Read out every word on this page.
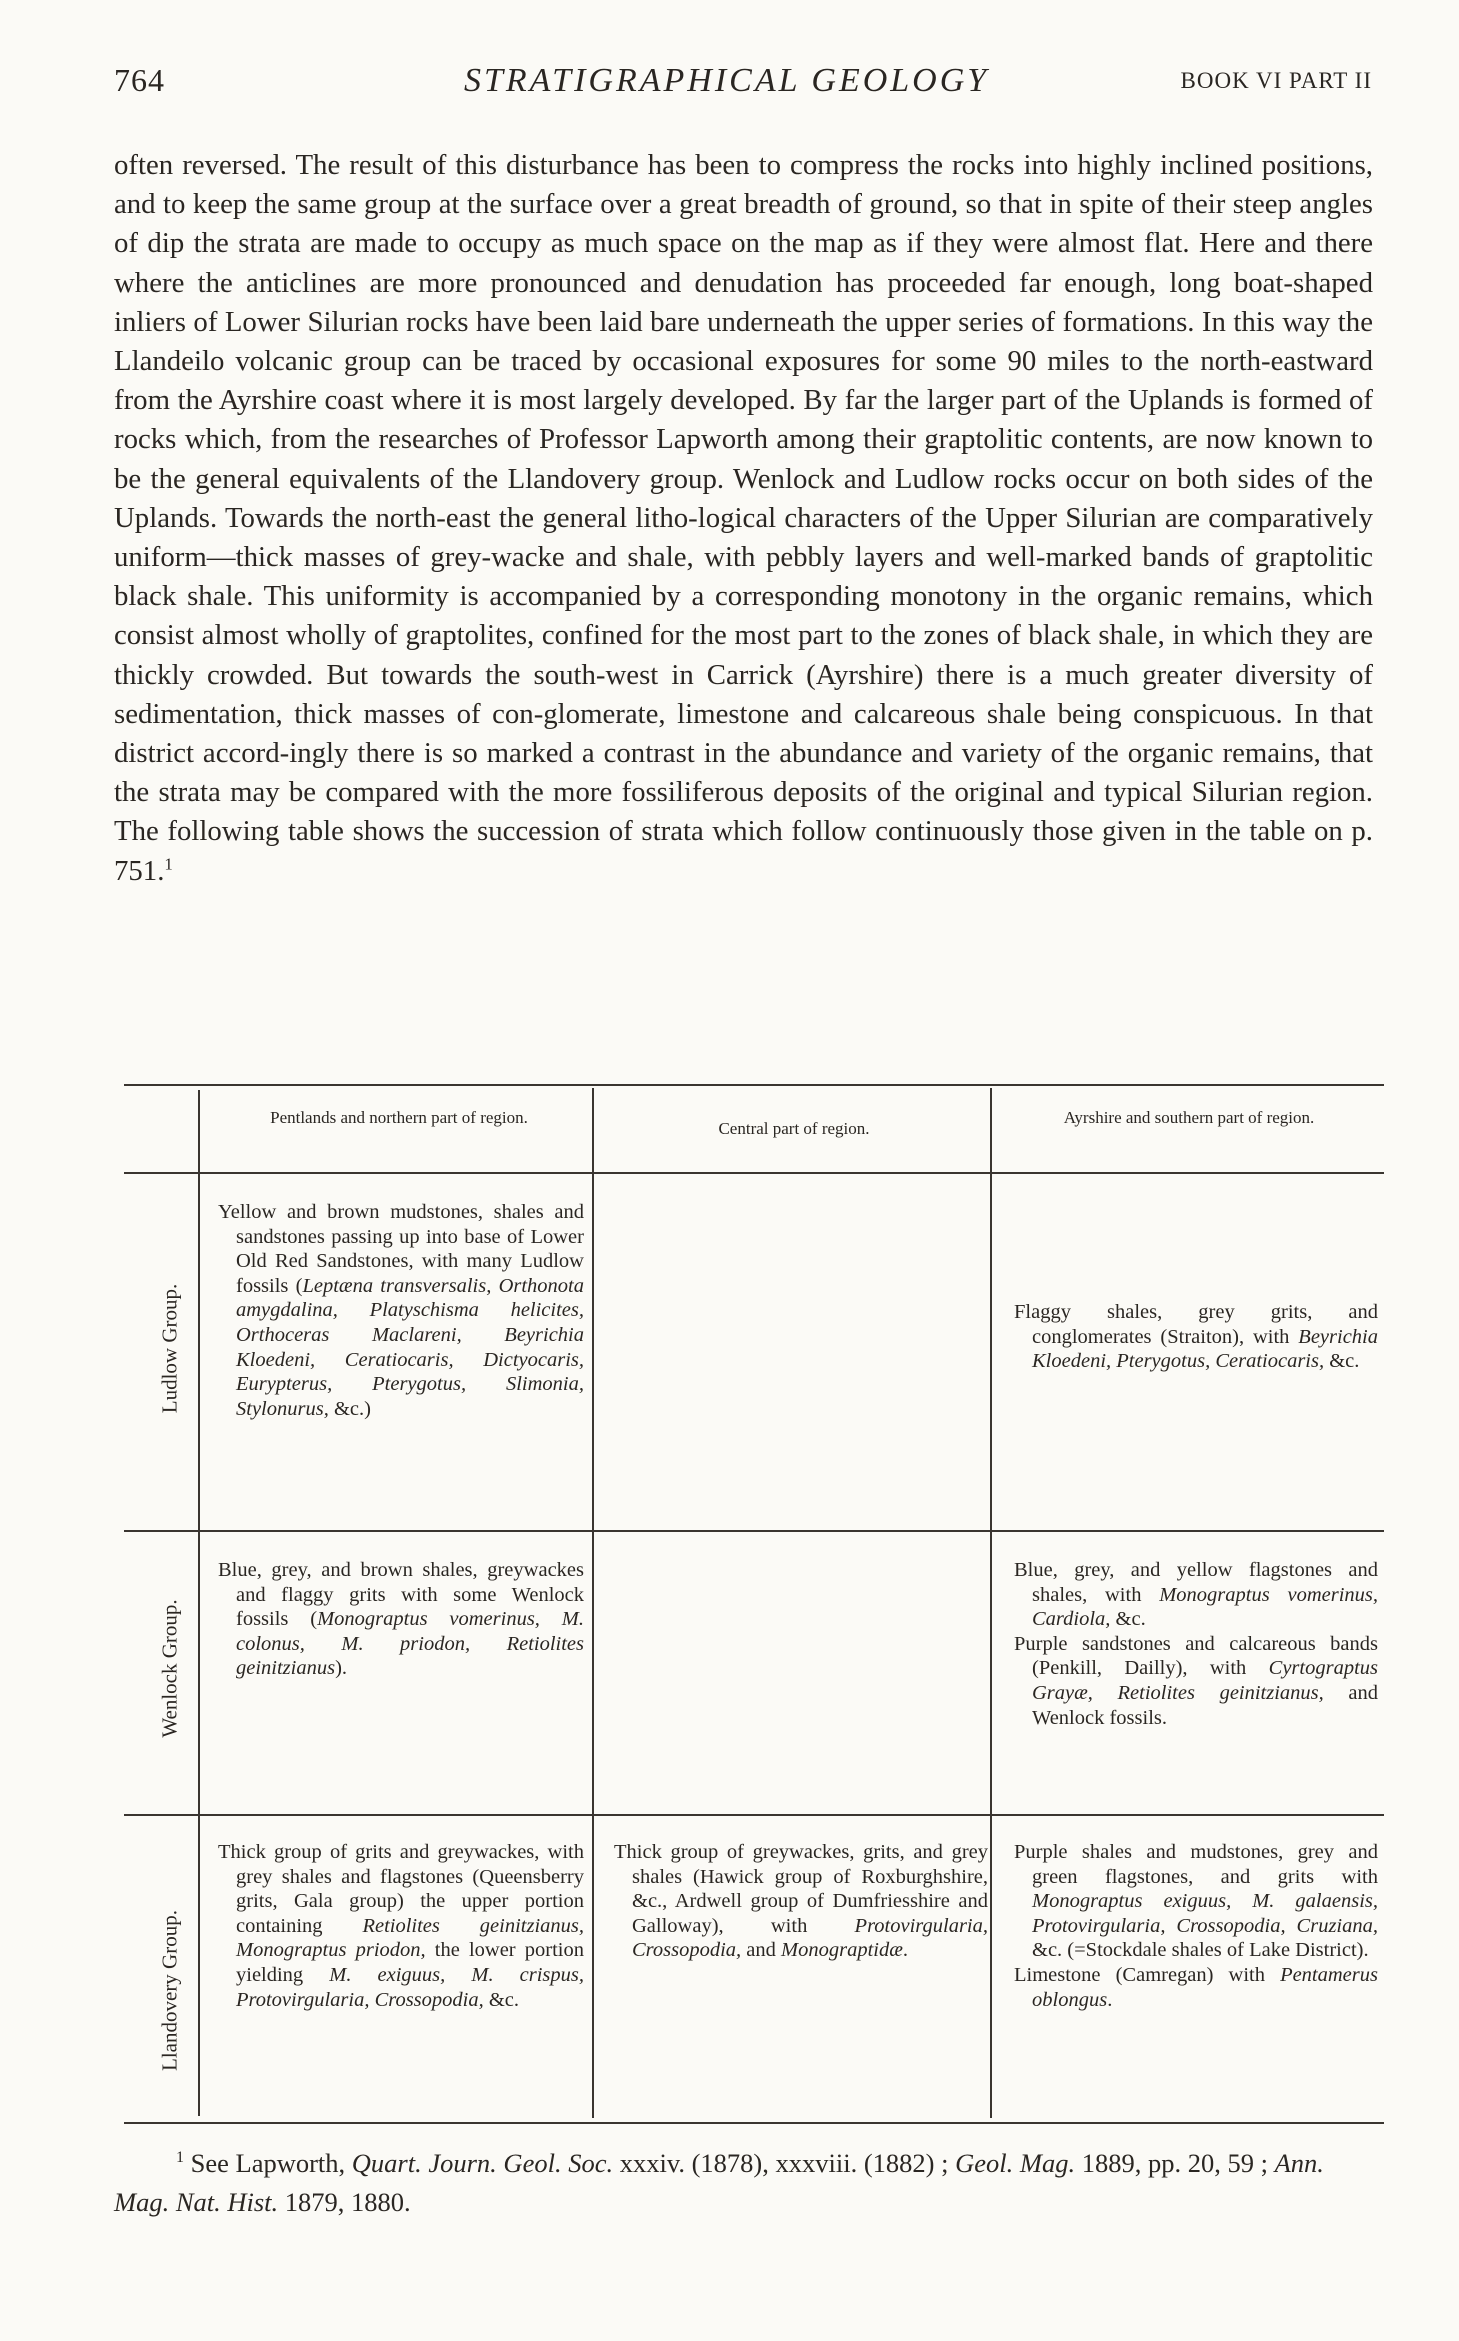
764	STRATIGRAPHICAL GEOLOGY	BOOK VI PART II

often reversed. The result of this disturbance has been to compress the rocks into highly inclined positions, and to keep the same group at the surface over a great breadth of ground, so that in spite of their steep angles of dip the strata are made to occupy as much space on the map as if they were almost flat. Here and there where the anticlines are more pronounced and denudation has proceeded far enough, long boat-shaped inliers of Lower Silurian rocks have been laid bare underneath the upper series of formations. In this way the Llandeilo volcanic group can be traced by occasional exposures for some 90 miles to the north-eastward from the Ayrshire coast where it is most largely developed. By far the larger part of the Uplands is formed of rocks which, from the researches of Professor Lapworth among their graptolitic contents, are now known to be the general equivalents of the Llandovery group. Wenlock and Ludlow rocks occur on both sides of the Uplands. Towards the north-east the general litho-logical characters of the Upper Silurian are comparatively uniform—thick masses of grey-wacke and shale, with pebbly layers and well-marked bands of graptolitic black shale. This uniformity is accompanied by a corresponding monotony in the organic remains, which consist almost wholly of graptolites, confined for the most part to the zones of black shale, in which they are thickly crowded. But towards the south-west in Carrick (Ayrshire) there is a much greater diversity of sedimentation, thick masses of con-glomerate, limestone and calcareous shale being conspicuous. In that district accord-ingly there is so marked a contrast in the abundance and variety of the organic remains, that the strata may be compared with the more fossiliferous deposits of the original and typical Silurian region. The following table shows the succession of strata which follow continuously those given in the table on p. 751.$^1$

Pentlands and northern part of region.
Central part of region.
Ayrshire and southern part of region.
Ludlow Group.
Wenlock Group.
Llandovery Group.

Yellow and brown mudstones, shales and sandstones passing up into base of Lower Old Red Sandstones, with many Ludlow fossils (Leptæna transversalis, Orthonota amygdalina, Platyschisma helicites, Orthoceras Maclareni, Beyrichia Kloedeni, Ceratiocaris, Dictyocaris, Eurypterus, Pterygotus, Slimonia, Stylonurus, &c.)

Flaggy shales, grey grits, and conglomerates (Straiton), with Beyrichia Kloedeni, Pterygotus, Ceratiocaris, &c.

Blue, grey, and brown shales, greywackes and flaggy grits with some Wenlock fossils (Monograptus vomerinus, M. colonus, M. priodon, Retiolites geinitzianus).

Blue, grey, and yellow flagstones and shales, with Monograptus vomerinus, Cardiola, &c.

Purple sandstones and calcareous bands (Penkill, Dailly), with Cyrtograptus Grayæ, Retiolites geinitzianus, and Wenlock fossils.

Thick group of grits and greywackes, with grey shales and flagstones (Queensberry grits, Gala group) the upper portion containing Retiolites geinitzianus, Monograptus priodon, the lower portion yielding M. exiguus, M. crispus, Protovirgularia, Crossopodia, &c.

Thick group of greywackes, grits, and grey shales (Hawick group of Roxburghshire, &c., Ardwell group of Dumfriesshire and Galloway), with Protovirgularia, Crossopodia, and Monograptidæ.

Purple shales and mudstones, grey and green flagstones, and grits with Monograptus exiguus, M. galaensis, Protovirgularia, Crossopodia, Cruziana, &c. (=Stockdale shales of Lake District).

Limestone (Camregan) with Pentamerus oblongus.

$^1$ See Lapworth, Quart. Journ. Geol. Soc. xxxiv. (1878), xxxviii. (1882) ; Geol. Mag. 1889, pp. 20, 59 ; Ann. Mag. Nat. Hist. 1879, 1880.
